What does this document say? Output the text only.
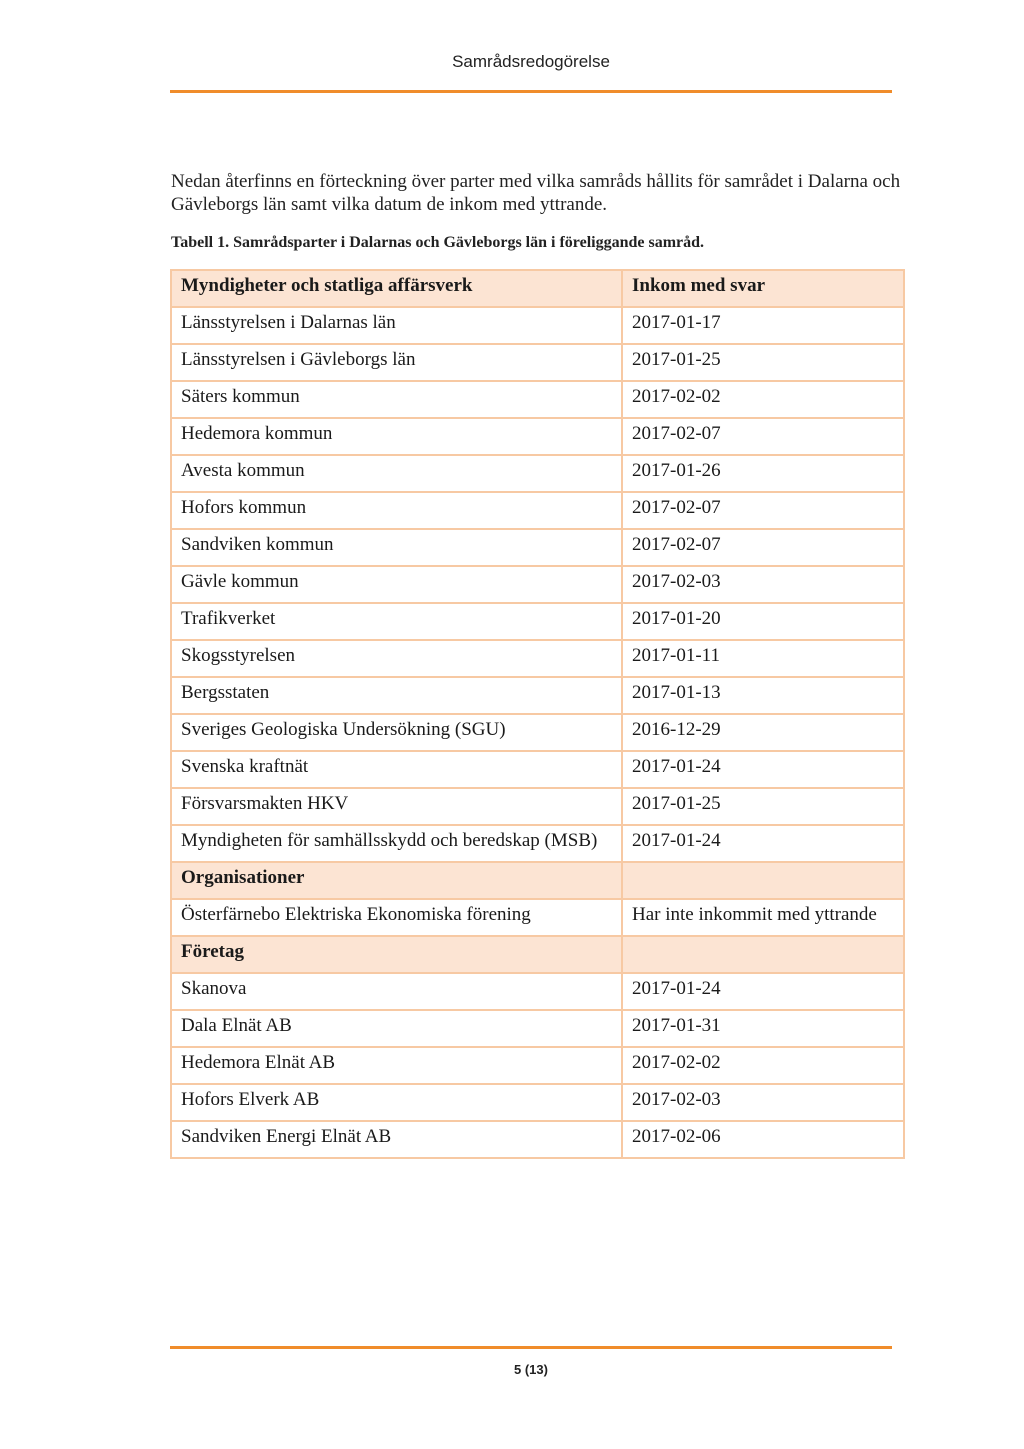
Samrådsredogörelse

Nedan återfinns en förteckning över parter med vilka samråds hållits för samrådet i Dalarna och Gävleborgs län samt vilka datum de inkom med yttrande.

Tabell 1. Samrådsparter i Dalarnas och Gävleborgs län i föreliggande samråd.
Myndigheter och statliga affärsverk	Inkom med svar
Länsstyrelsen i Dalarnas län	2017-01-17
Länsstyrelsen i Gävleborgs län	2017-01-25
Säters kommun	2017-02-02
Hedemora kommun	2017-02-07
Avesta kommun	2017-01-26
Hofors kommun	2017-02-07
Sandviken kommun	2017-02-07
Gävle kommun	2017-02-03
Trafikverket	2017-01-20
Skogsstyrelsen	2017-01-11
Bergsstaten	2017-01-13
Sveriges Geologiska Undersökning (SGU)	2016-12-29
Svenska kraftnät	2017-01-24
Försvarsmakten HKV	2017-01-25
Myndigheten för samhällsskydd och beredskap (MSB)	2017-01-24
Organisationer	
Österfärnebo Elektriska Ekonomiska förening	Har inte inkommit med yttrande
Företag	
Skanova	2017-01-24
Dala Elnät AB	2017-01-31
Hedemora Elnät AB	2017-02-02
Hofors Elverk AB	2017-02-03
Sandviken Energi Elnät AB	2017-02-06
5 (13)
